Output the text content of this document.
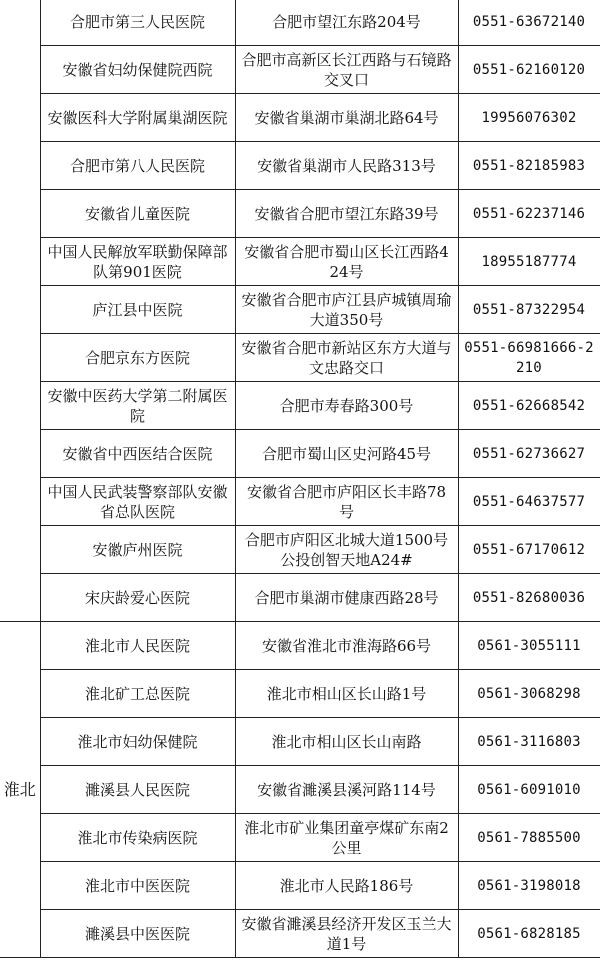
	合肥市第三人民医院	合肥市望江东路204号	0551-63672140
	安徽省妇幼保健院西院	合肥市高新区长江西路与石镜路交叉口	0551-62160120
	安徽医科大学附属巢湖医院	安徽省巢湖市巢湖北路64号	19956076302
	合肥市第八人民医院	安徽省巢湖市人民路313号	0551-82185983
	安徽省儿童医院	安徽省合肥市望江东路39号	0551-62237146
	中国人民解放军联勤保障部队第901医院	安徽省合肥市蜀山区长江西路424号	18955187774
	庐江县中医院	安徽省合肥市庐江县庐城镇周瑜大道350号	0551-87322954
	合肥京东方医院	安徽省合肥市新站区东方大道与文忠路交口	0551-66981666-2210
	安徽中医药大学第二附属医院	合肥市寿春路300号	0551-62668542
	安徽省中西医结合医院	合肥市蜀山区史河路45号	0551-62736627
	中国人民武装警察部队安徽省总队医院	安徽省合肥市庐阳区长丰路78号	0551-64637577
	安徽庐州医院	合肥市庐阳区北城大道1500号公投创智天地A24#	0551-67170612
	宋庆龄爱心医院	合肥市巢湖市健康西路28号	0551-82680036
淮北	淮北市人民医院	安徽省淮北市淮海路66号	0561-3055111
	淮北矿工总医院	淮北市相山区长山路1号	0561-3068298
	淮北市妇幼保健院	淮北市相山区长山南路	0561-3116803
	濉溪县人民医院	安徽省濉溪县溪河路114号	0561-6091010
	淮北市传染病医院	淮北市矿业集团童亭煤矿东南2公里	0561-7885500
	淮北市中医医院	淮北市人民路186号	0561-3198018
	濉溪县中医医院	安徽省濉溪县经济开发区玉兰大道1号	0561-6828185
